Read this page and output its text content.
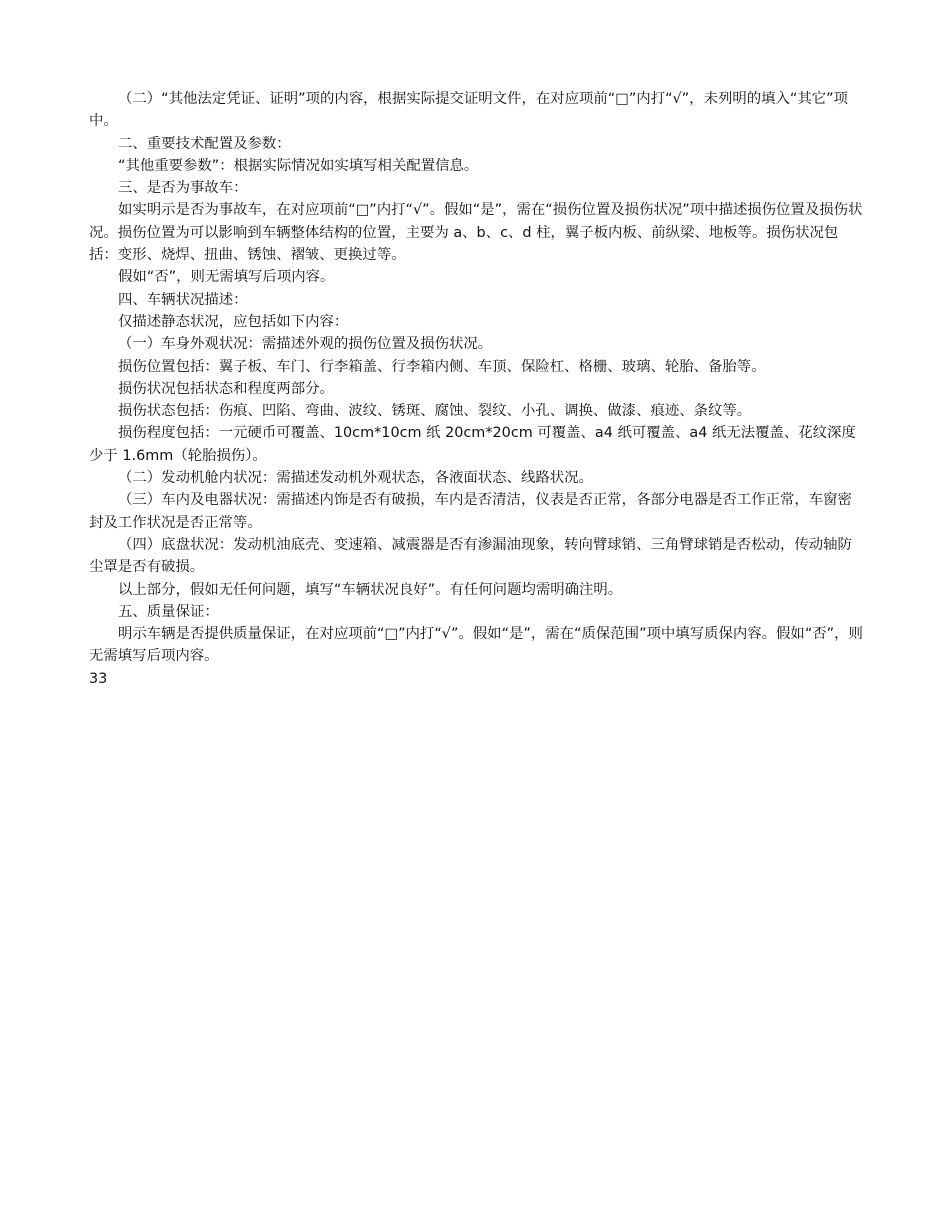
（二）“其他法定凭证、证明”项的内容，根据实际提交证明文件，在对应项前“□”内打“√”，未列明的填入“其它”项中。

二、重要技术配置及参数：

“其他重要参数”：根据实际情况如实填写相关配置信息。

三、是否为事故车：

如实明示是否为事故车，在对应项前“□”内打“√”。假如“是”，需在“损伤位置及损伤状况”项中描述损伤位置及损伤状况。损伤位置为可以影响到车辆整体结构的位置，主要为 a、b、c、d 柱，翼子板内板、前纵梁、地板等。损伤状况包括：变形、烧焊、扭曲、锈蚀、褶皱、更换过等。

假如“否”，则无需填写后项内容。

四、车辆状况描述：

仅描述静态状况，应包括如下内容：

（一）车身外观状况：需描述外观的损伤位置及损伤状况。

损伤位置包括：翼子板、车门、行李箱盖、行李箱内侧、车顶、保险杠、格栅、玻璃、轮胎、备胎等。

损伤状况包括状态和程度两部分。

损伤状态包括：伤痕、凹陷、弯曲、波纹、锈斑、腐蚀、裂纹、小孔、调换、做漆、痕迹、条纹等。

损伤程度包括：一元硬币可覆盖、10cm*10cm 纸 20cm*20cm 可覆盖、a4 纸可覆盖、a4 纸无法覆盖、花纹深度少于 1.6mm（轮胎损伤）。

（二）发动机舱内状况：需描述发动机外观状态，各液面状态、线路状况。

（三）车内及电器状况：需描述内饰是否有破损，车内是否清洁，仪表是否正常，各部分电器是否工作正常，车窗密封及工作状况是否正常等。

（四）底盘状况：发动机油底壳、变速箱、减震器是否有渗漏油现象，转向臂球销、三角臂球销是否松动，传动轴防尘罩是否有破损。

以上部分，假如无任何问题，填写“车辆状况良好”。有任何问题均需明确注明。

五、质量保证：

明示车辆是否提供质量保证，在对应项前“□”内打“√”。假如“是”，需在“质保范围”项中填写质保内容。假如“否”，则无需填写后项内容。

33
